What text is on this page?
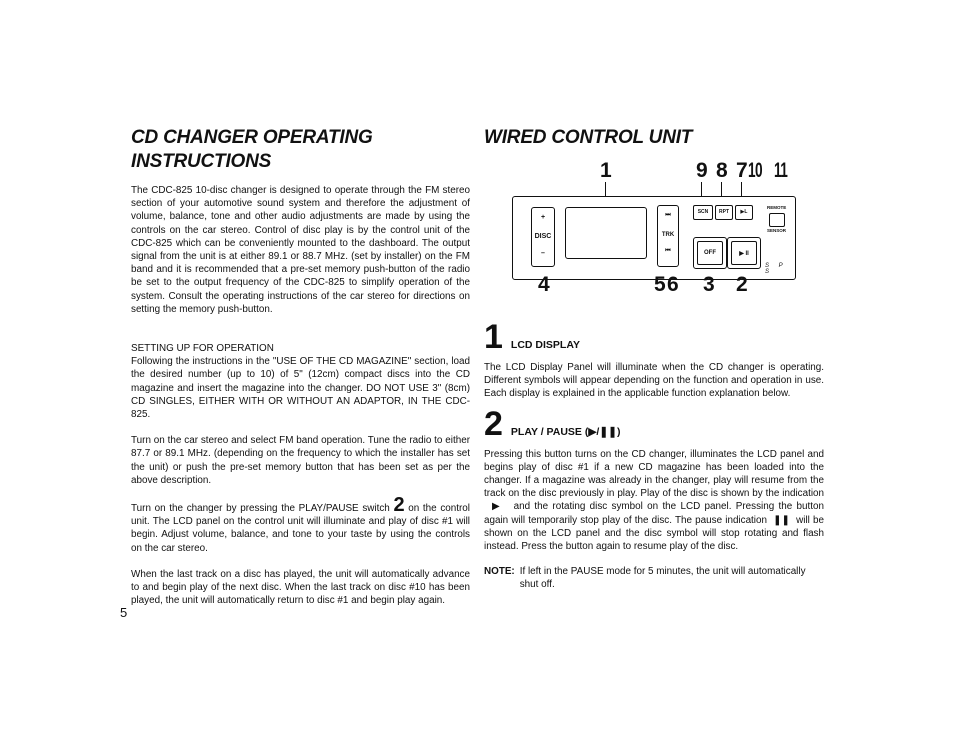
CD CHANGER OPERATING INSTRUCTIONS

The CDC-825 10-disc changer is designed to operate through the FM stereo section of your automotive sound system and therefore the adjustment of volume, balance, tone and other audio adjustments are made by using the controls on the car stereo. Control of disc play is by the control unit of the CDC-825 which can be conveniently mounted to the dashboard. The output signal from the unit is at either 89.1 or 88.7 MHz. (set by installer) on the FM band and it is recommended that a pre-set memory push-button of the radio be set to the output frequency of the CDC-825 to simplify operation of the system. Consult the operating instructions of the car stereo for directions on setting the memory push-button.

SETTING UP FOR OPERATION

Following the instructions in the "USE OF THE CD MAGAZINE" section, load the desired number (up to 10) of 5" (12cm) compact discs into the CD magazine and insert the magazine into the changer. DO NOT USE 3" (8cm) CD SINGLES, EITHER WITH OR WITHOUT AN ADAPTOR, IN THE CDC-825.

Turn on the car stereo and select FM band operation. Tune the radio to either 87.7 or 89.1 MHz. (depending on the frequency to which the installer has set the unit) or push the pre-set memory button that has been set as per the above description.

Turn on the changer by pressing the PLAY/PAUSE switch 2 on the control unit. The LCD panel on the control unit will illuminate and play of disc #1 will begin. Adjust volume, balance, and tone to your taste by using the controls on the car stereo.

When the last track on a disc has played, the unit will automatically advance to and begin play of the next disc. When the last track on disc #10 has been played, the unit will automatically return to disc #1 and begin play again.

5
WIRED CONTROL UNIT
1	9 8 7 10 11
+
DISC
–
⏭
TRK
⏮
SCN	RPT	▶L
OFF	▶ II
REMOTE
SENSOR
S P S
4	5 6 3 2
1 LCD DISPLAY

The LCD Display Panel will illuminate when the CD changer is operating. Different symbols will appear depending on the function and operation in use. Each display is explained in the applicable function explanation below.

2 PLAY / PAUSE (▶/❚❚)

Pressing this button turns on the CD changer, illuminates the LCD panel and begins play of disc #1 if a new CD magazine has been loaded into the changer. If a magazine was already in the changer, play will resume from the track on the disc previously in play. Play of the disc is shown by the indication ▶ and the rotating disc symbol on the LCD panel. Pressing the button again will temporarily stop play of the disc. The pause indication ❚❚ will be shown on the LCD panel and the disc symbol will stop rotating and flash instead. Press the button again to resume play of the disc.

NOTE: If left in the PAUSE mode for 5 minutes, the unit will automatically shut off.
